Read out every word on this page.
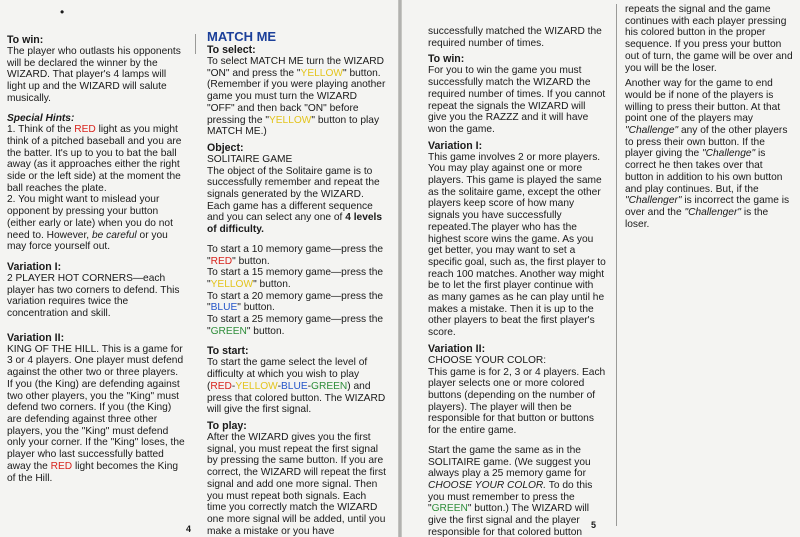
•
To win:

The player who outlasts his opponents will be declared the winner by the WIZARD. That player's 4 lamps will light up and the WIZARD will salute musically.

Special Hints:

1. Think of the RED light as you might think of a pitched baseball and you are the batter. It's up to you to bat the ball away (as it approaches either the right side or the left side) at the moment the ball reaches the plate.

2. You might want to mislead your opponent by pressing your button (either early or late) when you do not need to. However, be careful or you may force yourself out.

Variation I:

2 PLAYER HOT CORNERS—each player has two corners to defend. This variation requires twice the concentration and skill.

Variation II:

KING OF THE HILL. This is a game for 3 or 4 players. One player must defend against the other two or three players. If you (the King) are defending against two other players, you the "King" must defend two corners. If you (the King) are defending against three other players, you the "King" must defend only your corner. If the "King" loses, the player who last successfully batted away the RED light becomes the King of the Hill.

MATCH ME

To select:

To select MATCH ME turn the WIZARD "ON" and press the "YELLOW" button. (Remember if you were playing another game you must turn the WIZARD "OFF" and then back "ON" before pressing the "YELLOW" button to play MATCH ME.)

Object:

SOLITAIRE GAME

The object of the Solitaire game is to successfully remember and repeat the signals generated by the WIZARD. Each game has a different sequence and you can select any one of 4 levels of difficulty.

To start a 10 memory game—press the "RED" button.

To start a 15 memory game—press the "YELLOW" button.

To start a 20 memory game—press the "BLUE" button.

To start a 25 memory game—press the "GREEN" button.

To start:

To start the game select the level of difficulty at which you wish to play (RED-YELLOW-BLUE-GREEN) and press that colored button. The WIZARD will give the first signal.

To play:

After the WIZARD gives you the first signal, you must repeat the first signal by pressing the same button. If you are correct, the WIZARD will repeat the first signal and add one more signal. Then you must repeat both signals. Each time you correctly match the WIZARD one more signal will be added, until you make a mistake or you have

4

successfully matched the WIZARD the required number of times.

To win:

For you to win the game you must successfully match the WIZARD the required number of times. If you cannot repeat the signals the WIZARD will give you the RAZZZ and it will have won the game.

Variation I:

This game involves 2 or more players. You may play against one or more players. This game is played the same as the solitaire game, except the other players keep score of how many signals you have successfully repeated.The player who has the highest score wins the game. As you get better, you may want to set a specific goal, such as, the first player to reach 100 matches. Another way might be to let the first player continue with as many games as he can play until he makes a mistake. Then it is up to the other players to beat the first player's score.

Variation II:

CHOOSE YOUR COLOR:

This game is for 2, 3 or 4 players. Each player selects one or more colored buttons (depending on the number of players). The player will then be responsible for that button or buttons for the entire game.

Start the game the same as in the SOLITAIRE game. (We suggest you always play a 25 memory game for CHOOSE YOUR COLOR. To do this you must remember to press the "GREEN" button.) The WIZARD will give the first signal and the player responsible for that colored button

repeats the signal and the game continues with each player pressing his colored button in the proper sequence. If you press your button out of turn, the game will be over and you will be the loser.

Another way for the game to end would be if none of the players is willing to press their button. At that point one of the players may "Challenge" any of the other players to press their own button. If the player giving the "Challenge" is correct he then takes over that button in addition to his own button and play continues. But, if the "Challenger" is incorrect the game is over and the "Challenger" is the loser.

5
